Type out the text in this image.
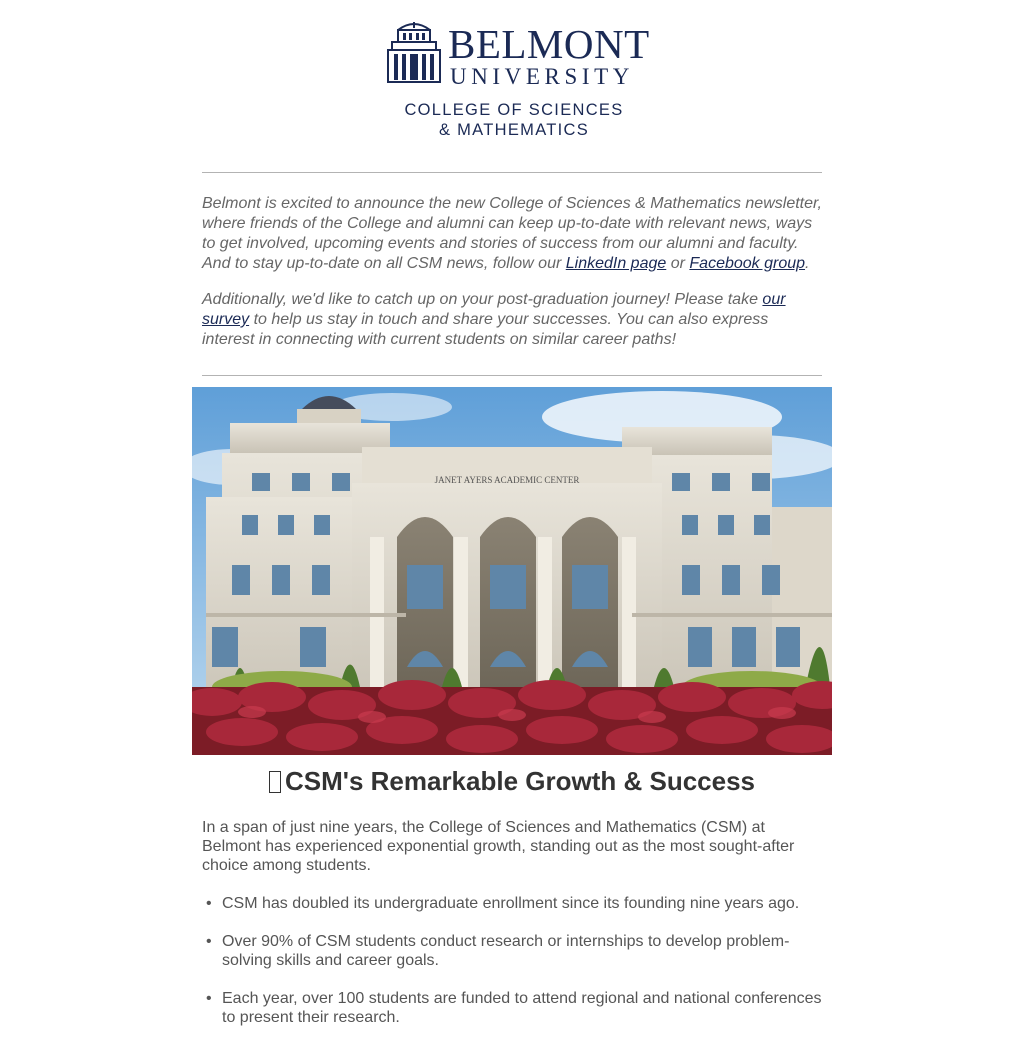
BELMONT
UNIVERSITY
COLLEGE OF SCIENCES
& MATHEMATICS

Belmont is excited to announce the new College of Sciences & Mathematics newsletter, where friends of the College and alumni can keep up-to-date with relevant news, ways to get involved, upcoming events and stories of success from our alumni and faculty. And to stay up-to-date on all CSM news, follow our LinkedIn page or Facebook group.

Additionally, we'd like to catch up on your post-graduation journey! Please take our survey to help us stay in touch and share your successes. You can also express interest in connecting with current students on similar career paths!

JANET AYERS ACADEMIC CENTER
CSM's Remarkable Growth & Success

In a span of just nine years, the College of Sciences and Mathematics (CSM) at Belmont has experienced exponential growth, standing out as the most sought-after choice among students.

• CSM has doubled its undergraduate enrollment since its founding nine years ago.
• Over 90% of CSM students conduct research or internships to develop problem-solving skills and career goals.
• Each year, over 100 students are funded to attend regional and national conferences to present their research.
